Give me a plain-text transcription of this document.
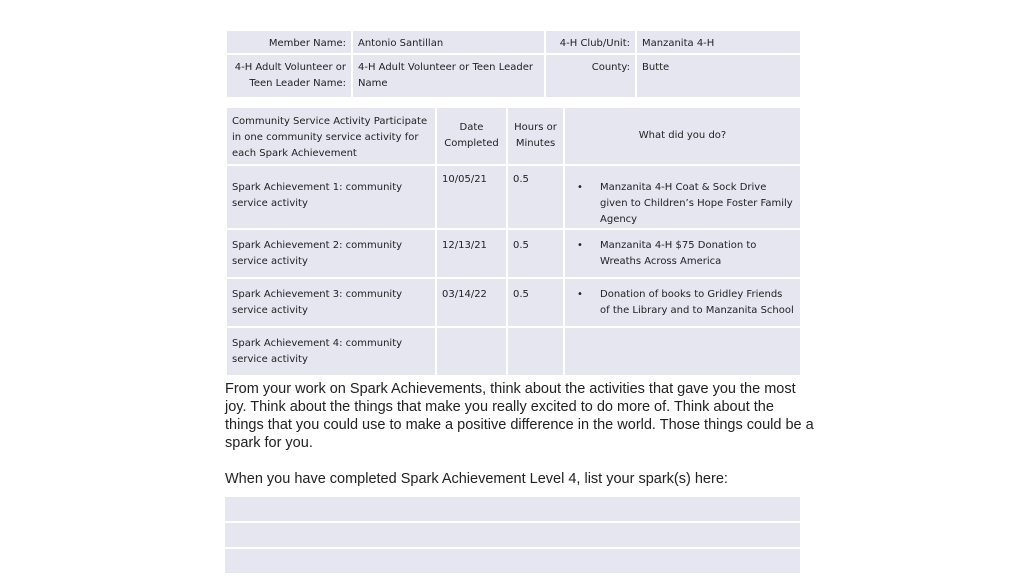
Member Name:	Antonio Santillan	4-H Club/Unit:	Manzanita 4-H
4-H Adult Volunteer or Teen Leader Name:	4-H Adult Volunteer or Teen Leader Name	County:	Butte
Community Service Activity Participate in one community service activity for each Spark Achievement	Date Completed	Hours or Minutes	What did you do?
Spark Achievement 1: community service activity	10/05/21	0.5	• Manzanita 4-H Coat & Sock Drive given to Children’s Hope Foster Family Agency

Spark Achievement 2: community service activity	12/13/21	0.5	• Manzanita 4-H $75 Donation to Wreaths Across America

Spark Achievement 3: community service activity	03/14/22	0.5	• Donation of books to Gridley Friends of the Library and to Manzanita School

Spark Achievement 4: community service activity			

From your work on Spark Achievements, think about the activities that gave you the most joy. Think about the things that make you really excited to do more of. Think about the things that you could use to make a positive difference in the world. Those things could be a spark for you.

When you have completed Spark Achievement Level 4, list your spark(s) here:
